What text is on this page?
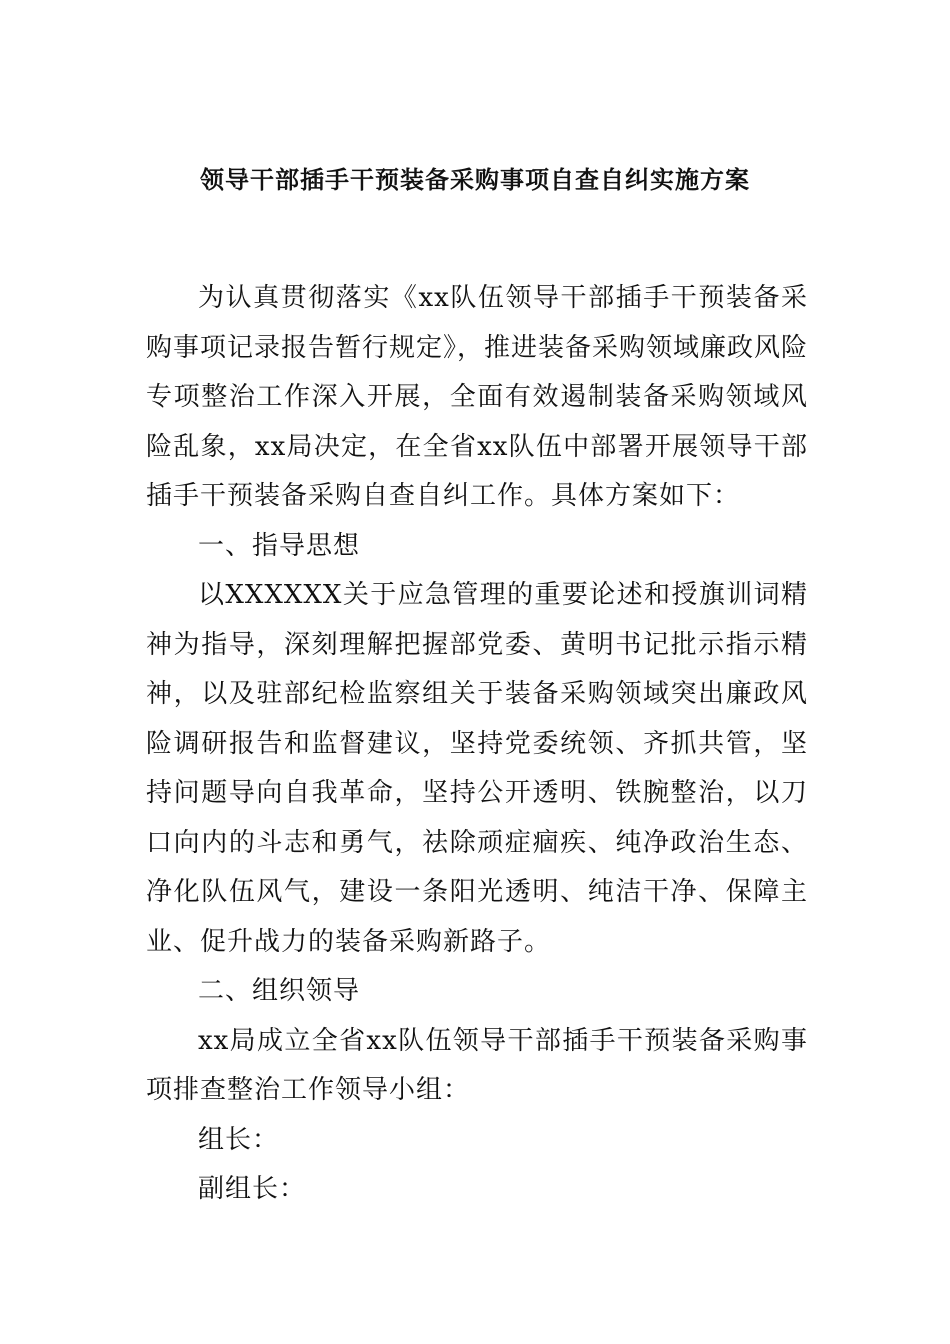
领导干部插手干预装备采购事项自查自纠实施方案

为认真贯彻落实《xx队伍领导干部插手干预装备采购事项记录报告暂行规定》，推进装备采购领域廉政风险专项整治工作深入开展，全面有效遏制装备采购领域风险乱象，xx局决定，在全省xx队伍中部署开展领导干部插手干预装备采购自查自纠工作。具体方案如下：

一、指导思想

以XXXXXX关于应急管理的重要论述和授旗训词精神为指导，深刻理解把握部党委、黄明书记批示指示精神，以及驻部纪检监察组关于装备采购领域突出廉政风险调研报告和监督建议，坚持党委统领、齐抓共管，坚持问题导向自我革命，坚持公开透明、铁腕整治，以刀口向内的斗志和勇气，祛除顽症痼疾、纯净政治生态、净化队伍风气，建设一条阳光透明、纯洁干净、保障主业、促升战力的装备采购新路子。

二、组织领导

xx局成立全省xx队伍领导干部插手干预装备采购事项排查整治工作领导小组：

组长：

副组长：
